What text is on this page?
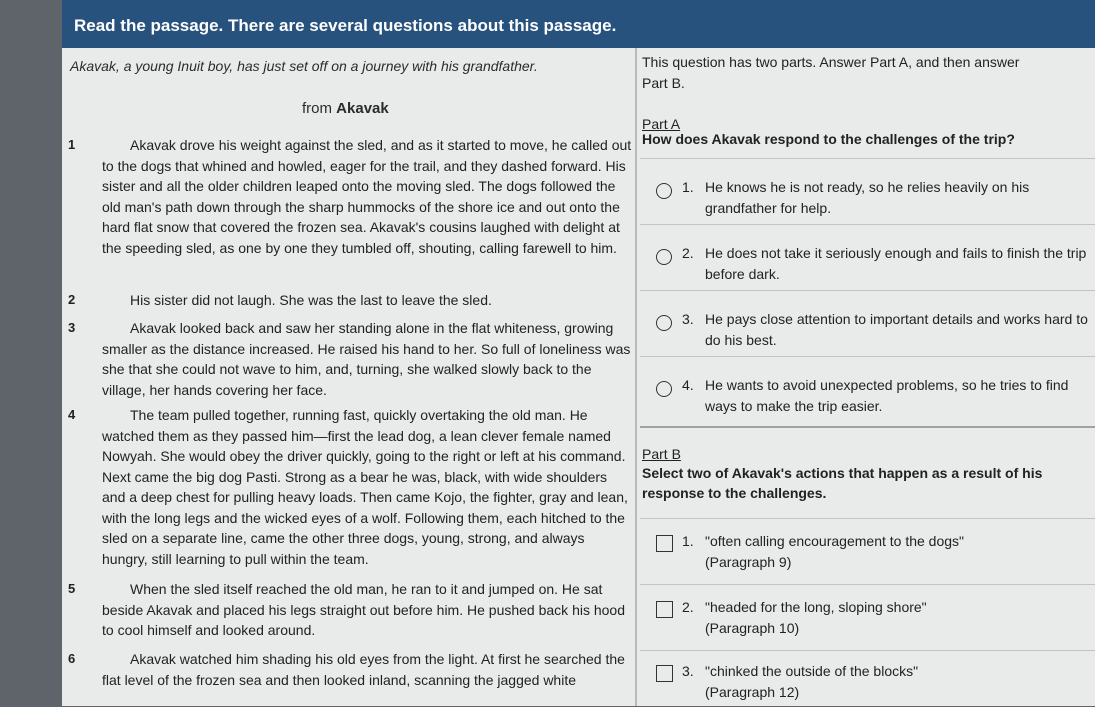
Read the passage. There are several questions about this passage.
Akavak, a young Inuit boy, has just set off on a journey with his grandfather.
from Akavak
1	Akavak drove his weight against the sled, and as it started to move, he called out to the dogs that whined and howled, eager for the trail, and they dashed forward. His sister and all the older children leaped onto the moving sled. The dogs followed the old man's path down through the sharp hummocks of the shore ice and out onto the hard flat snow that covered the frozen sea. Akavak's cousins laughed with delight at the speeding sled, as one by one they tumbled off, shouting, calling farewell to him.
2	His sister did not laugh. She was the last to leave the sled.
3	Akavak looked back and saw her standing alone in the flat whiteness, growing smaller as the distance increased. He raised his hand to her. So full of loneliness was she that she could not wave to him, and, turning, she walked slowly back to the village, her hands covering her face.
4	The team pulled together, running fast, quickly overtaking the old man. He watched them as they passed him—first the lead dog, a lean clever female named Nowyah. She would obey the driver quickly, going to the right or left at his command. Next came the big dog Pasti. Strong as a bear he was, black, with wide shoulders and a deep chest for pulling heavy loads. Then came Kojo, the fighter, gray and lean, with the long legs and the wicked eyes of a wolf. Following them, each hitched to the sled on a separate line, came the other three dogs, young, strong, and always hungry, still learning to pull within the team.
5	When the sled itself reached the old man, he ran to it and jumped on. He sat beside Akavak and placed his legs straight out before him. He pushed back his hood to cool himself and looked around.
6	Akavak watched him shading his old eyes from the light. At first he searched the flat level of the frozen sea and then looked inland, scanning the jagged white
This question has two parts. Answer Part A, and then answer Part B.
Part A
How does Akavak respond to the challenges of the trip?
1. He knows he is not ready, so he relies heavily on his grandfather for help.
2. He does not take it seriously enough and fails to finish the trip before dark.
3. He pays close attention to important details and works hard to do his best.
4. He wants to avoid unexpected problems, so he tries to find ways to make the trip easier.
Part B
Select two of Akavak's actions that happen as a result of his response to the challenges.
1. "often calling encouragement to the dogs"
(Paragraph 9)
2. "headed for the long, sloping shore"
(Paragraph 10)
3. "chinked the outside of the blocks"
(Paragraph 12)
